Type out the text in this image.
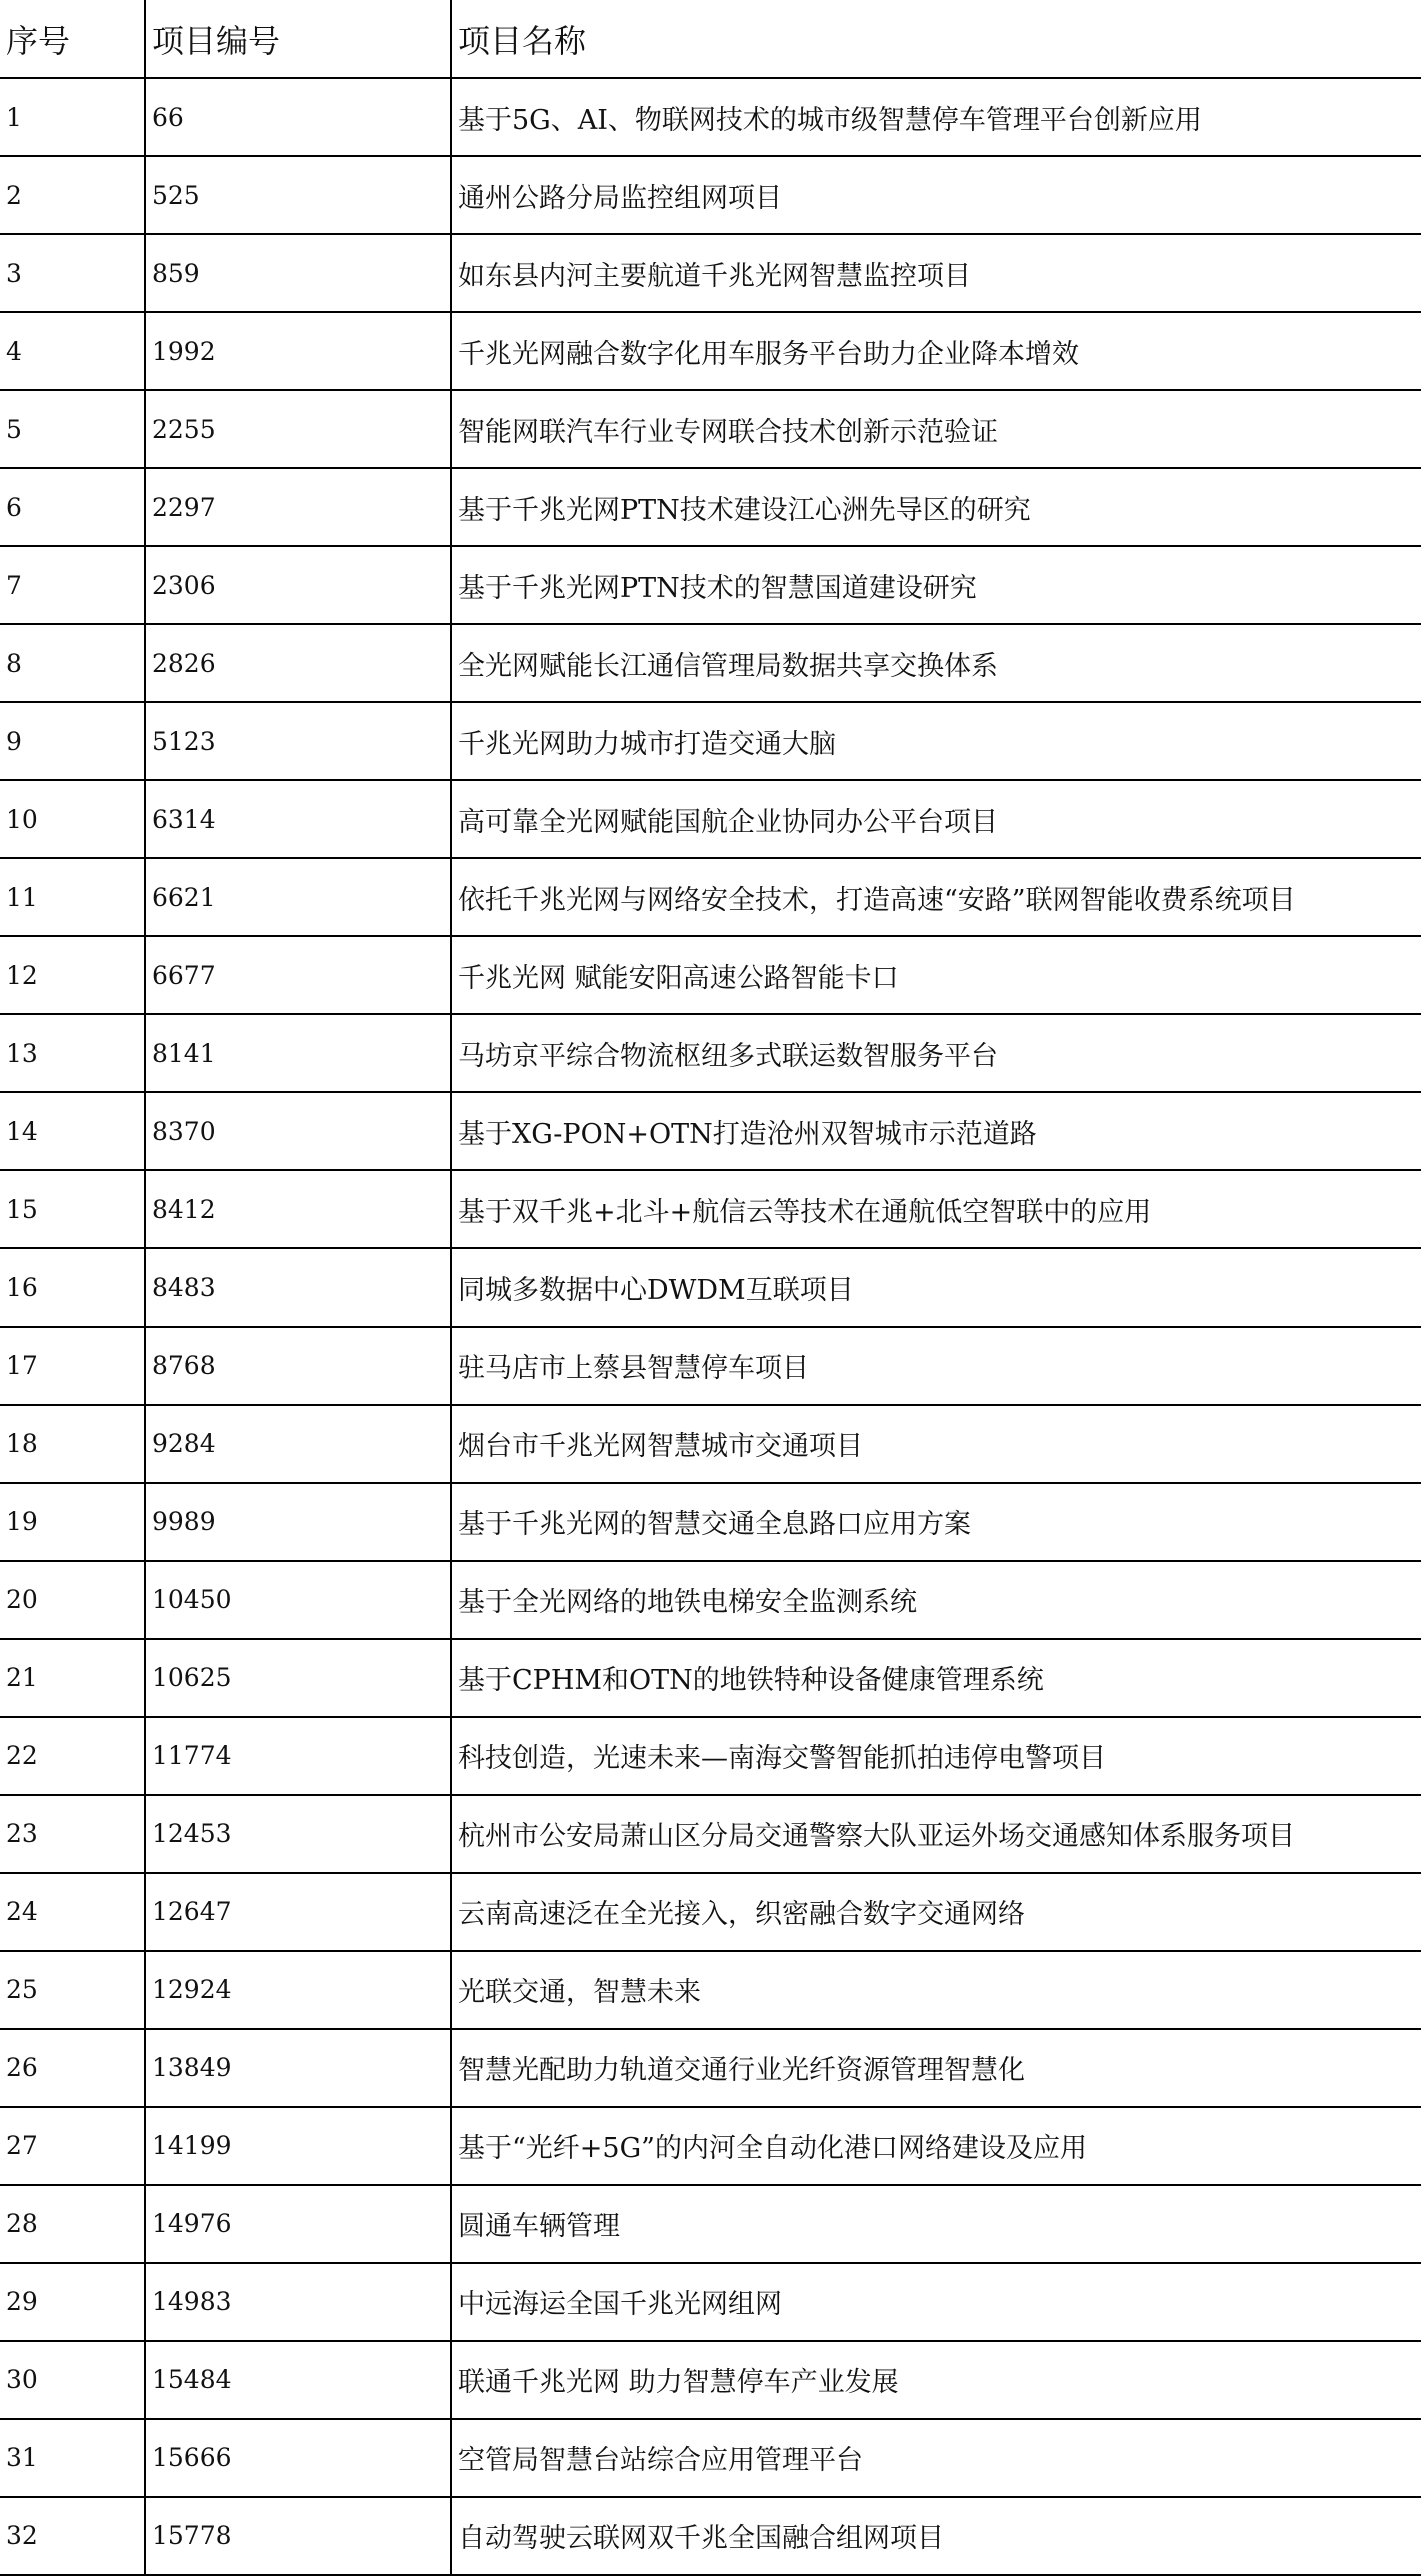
序号	项目编号	项目名称
1	66	基于5G、AI、物联网技术的城市级智慧停车管理平台创新应用
2	525	通州公路分局监控组网项目
3	859	如东县内河主要航道千兆光网智慧监控项目
4	1992	千兆光网融合数字化用车服务平台助力企业降本增效
5	2255	智能网联汽车行业专网联合技术创新示范验证
6	2297	基于千兆光网PTN技术建设江心洲先导区的研究
7	2306	基于千兆光网PTN技术的智慧国道建设研究
8	2826	全光网赋能长江通信管理局数据共享交换体系
9	5123	千兆光网助力城市打造交通大脑
10	6314	高可靠全光网赋能国航企业协同办公平台项目
11	6621	依托千兆光网与网络安全技术，打造高速“安路”联网智能收费系统项目
12	6677	千兆光网 赋能安阳高速公路智能卡口
13	8141	马坊京平综合物流枢纽多式联运数智服务平台
14	8370	基于XG-PON+OTN打造沧州双智城市示范道路
15	8412	基于双千兆+北斗+航信云等技术在通航低空智联中的应用
16	8483	同城多数据中心DWDM互联项目
17	8768	驻马店市上蔡县智慧停车项目
18	9284	烟台市千兆光网智慧城市交通项目
19	9989	基于千兆光网的智慧交通全息路口应用方案
20	10450	基于全光网络的地铁电梯安全监测系统
21	10625	基于CPHM和OTN的地铁特种设备健康管理系统
22	11774	科技创造，光速未来—南海交警智能抓拍违停电警项目
23	12453	杭州市公安局萧山区分局交通警察大队亚运外场交通感知体系服务项目
24	12647	云南高速泛在全光接入，织密融合数字交通网络
25	12924	光联交通，智慧未来
26	13849	智慧光配助力轨道交通行业光纤资源管理智慧化
27	14199	基于“光纤+5G”的内河全自动化港口网络建设及应用
28	14976	圆通车辆管理
29	14983	中远海运全国千兆光网组网
30	15484	联通千兆光网 助力智慧停车产业发展
31	15666	空管局智慧台站综合应用管理平台
32	15778	自动驾驶云联网双千兆全国融合组网项目
